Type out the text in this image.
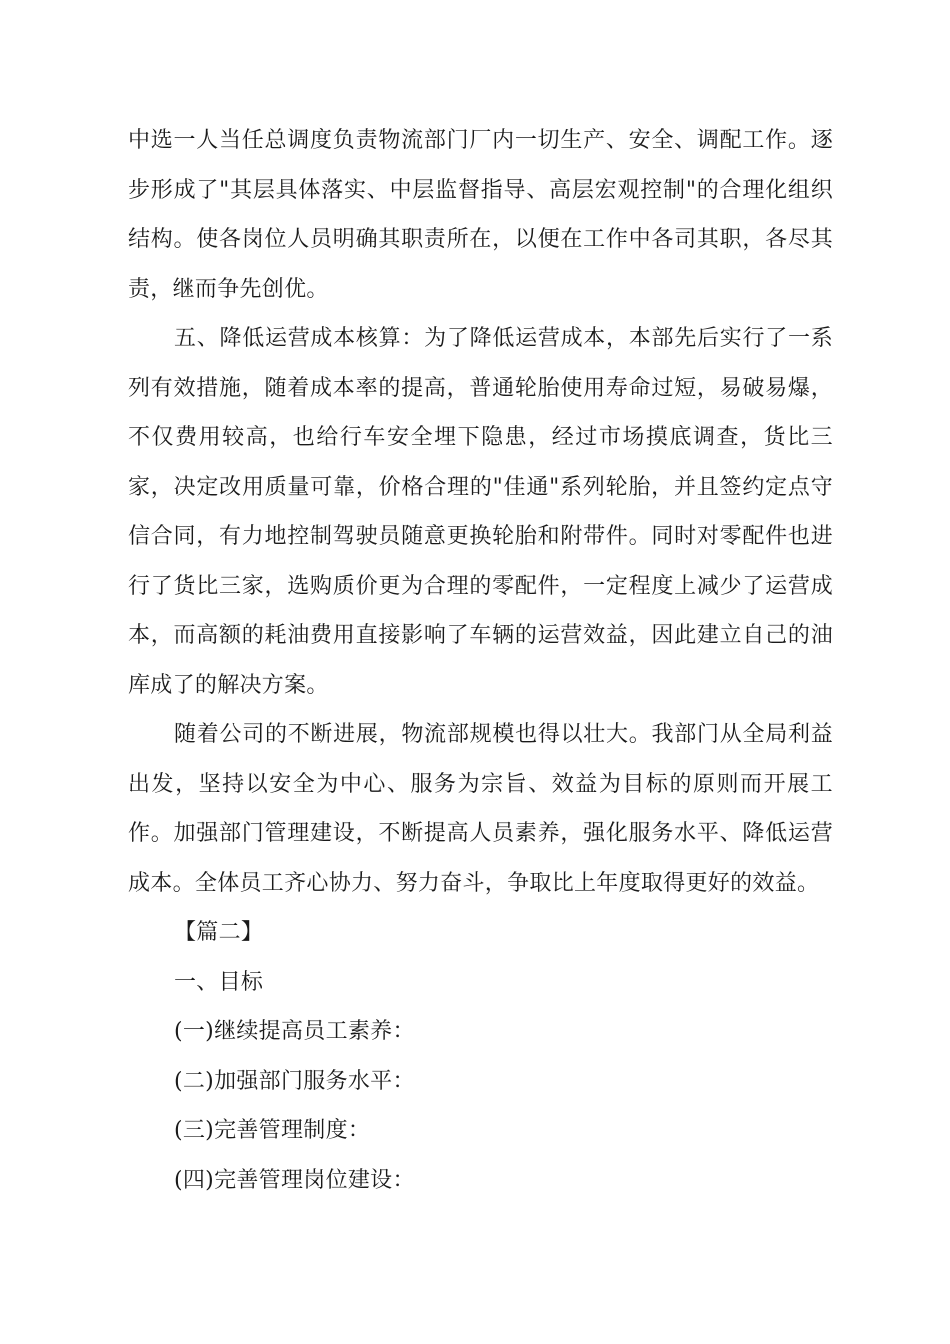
中选一人当任总调度负责物流部门厂内一切生产、安全、调配工作。逐步形成了"其层具体落实、中层监督指导、高层宏观控制"的合理化组织结构。使各岗位人员明确其职责所在，以便在工作中各司其职，各尽其责，继而争先创优。

五、降低运营成本核算：为了降低运营成本，本部先后实行了一系列有效措施，随着成本率的提高，普通轮胎使用寿命过短，易破易爆，不仅费用较高，也给行车安全埋下隐患，经过市场摸底调查，货比三家，决定改用质量可靠，价格合理的"佳通"系列轮胎，并且签约定点守信合同，有力地控制驾驶员随意更换轮胎和附带件。同时对零配件也进行了货比三家，选购质价更为合理的零配件，一定程度上减少了运营成本，而高额的耗油费用直接影响了车辆的运营效益，因此建立自己的油库成了的解决方案。

随着公司的不断进展，物流部规模也得以壮大。我部门从全局利益出发，坚持以安全为中心、服务为宗旨、效益为目标的原则而开展工作。加强部门管理建设，不断提高人员素养，强化服务水平、降低运营成本。全体员工齐心协力、努力奋斗，争取比上年度取得更好的效益。

【篇二】

一、目标

(一)继续提高员工素养：

(二)加强部门服务水平：

(三)完善管理制度：

(四)完善管理岗位建设：
